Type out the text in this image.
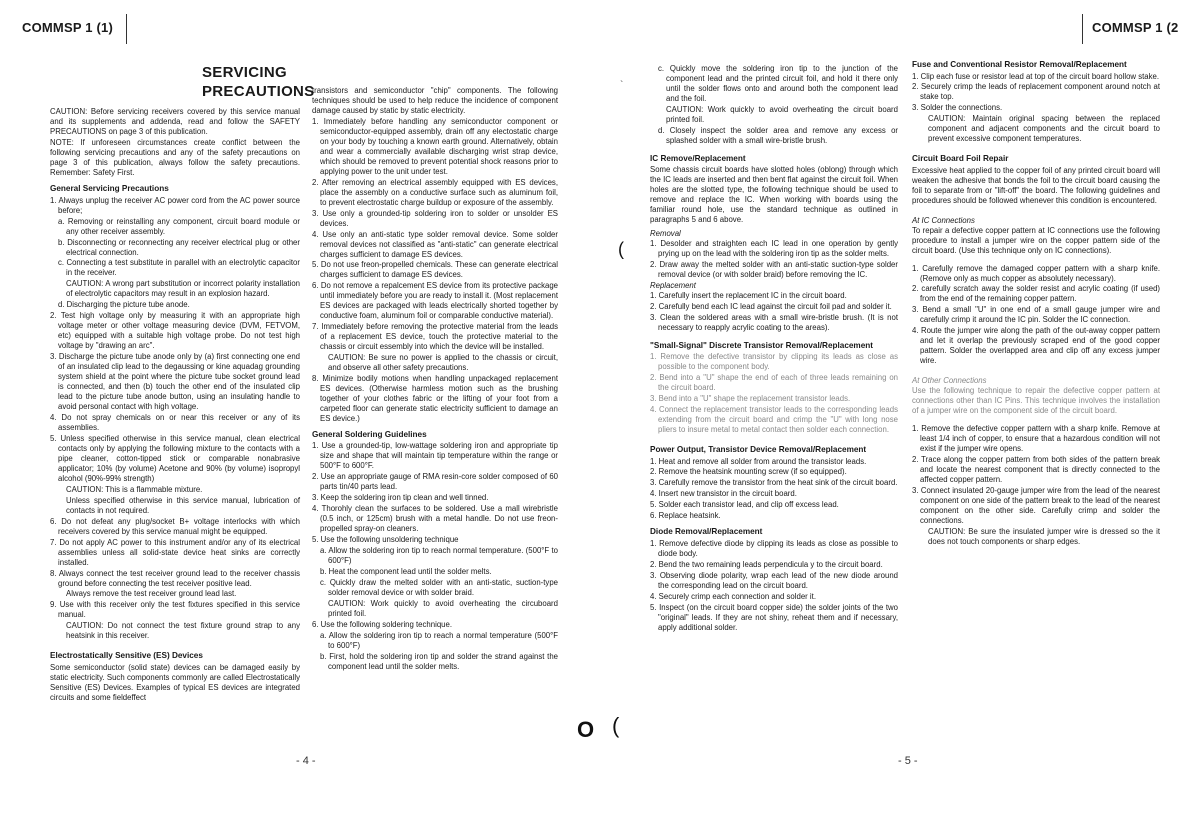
COMMSP 1 (1)	COMMSP 1 (2
SERVICING PRECAUTIONS

CAUTION: Before servicing receivers covered by this service manual and its supplements and addenda, read and follow the SAFETY PRECAUTIONS on page 3 of this publication.

NOTE: If unforeseen circumstances create conflict between the following servicing precautions and any of the safety precautions on page 3 of this publication, always follow the safety precautions. Remember: Safety First.

General Servicing Precautions

1. Always unplug the receiver AC power cord from the AC power source before;

a. Removing or reinstalling any component, circuit board module or any other receiver assembly.

b. Disconnecting or reconnecting any receiver electrical plug or other electrical connection.

c. Connecting a test substitute in parallel with an electrolytic capacitor in the receiver.

CAUTION: A wrong part substitution or incorrect polarity installation of electrolytic capacitors may result in an explosion hazard.

d. Discharging the picture tube anode.

2. Test high voltage only by measuring it with an appropriate high voltage meter or other voltage measuring device (DVM, FETVOM, etc) equipped with a suitable high voltage probe. Do not test high voltage by "drawing an arc".

3. Discharge the picture tube anode only by (a) first connecting one end of an insulated clip lead to the degaussing or kine aquadag grounding system shield at the point where the picture tube socket ground lead is connected, and then (b) touch the other end of the insulated clip lead to the picture tube anode button, using an insulating handle to avoid personal contact with high voltage.

4. Do not spray chemicals on or near this receiver or any of its assemblies.

5. Unless specified otherwise in this service manual, clean electrical contacts only by applying the following mixture to the contacts with a pipe cleaner, cotton-tipped stick or comparable nonabrasive applicator; 10% (by volume) Acetone and 90% (by volume) isopropyl alcohol (90%-99% strength)

CAUTION: This is a flammable mixture.

Unless specified otherwise in this service manual, lubrication of contacts in not required.

6. Do not defeat any plug/socket B+ voltage interlocks with which receivers covered by this service manual might be equipped.

7. Do not apply AC power to this instrument and/or any of its electrical assemblies unless all solid-state device heat sinks are correctly installed.

8. Always connect the test receiver ground lead to the receiver chassis ground before connecting the test receiver positive lead.

Always remove the test receiver ground lead last.

9. Use with this receiver only the test fixtures specified in this service manual.

CAUTION: Do not connect the test fixture ground strap to any heatsink in this receiver.

Electrostatically Sensitive (ES) Devices

Some semiconductor (solid state) devices can be damaged easily by static electricity. Such components commonly are called Electrostatically Sensitive (ES) Devices. Examples of typical ES devices are integrated circuits and some fieldeffect

transistors and semiconductor "chip" components. The following techniques should be used to help reduce the incidence of component damage caused by static by static electricity.

1. Immediately before handling any semiconductor component or semiconductor-equipped assembly, drain off any electostatic charge on your body by touching a known earth ground. Alternatively, obtain and wear a commercially available discharging wrist strap device, which should be removed to prevent potential shock reasons prior to applying power to the unit under test.

2. After removing an electrical assembly equipped with ES devices, place the assembly on a conductive surface such as aluminum foil, to prevent electrostatic charge buildup or exposure of the assembly.

3. Use only a grounded-tip soldering iron to solder or unsolder ES devices.

4. Use only an anti-static type solder removal device. Some solder removal devices not classified as "anti-static" can generate electrical charges sufficient to damage ES devices.

5. Do not use freon-propelled chemicals. These can generate electrical charges sufficient to damage ES devices.

6. Do not remove a repalcement ES device from its protective package until immediately before you are ready to install it. (Most replacement ES devices are packaged with leads electrically shorted together by conductive foam, aluminum foil or comparable conductive material).

7. Immediately before removing the protective material from the leads of a replacement ES device, touch the protective material to the chassis or circuit essembly into which the device will be installed.

CAUTION: Be sure no power is applied to the chassis or circuit, and observe all other safety precautions.

8. Minimize bodily motions when handling unpackaged replacement ES devices. (Otherwise harmless motion such as the brushing together of your clothes fabric or the lifting of your foot from a carpeted floor can generate static electricity sufficient to damage an ES device.)

General Soldering Guidelines

1. Use a grounded-tip, low-wattage soldering iron and appropriate tip size and shape that will maintain tip temperature within the range or 500°F to 600°F.

2. Use an appropriate gauge of RMA resin-core solder composed of 60 parts tin/40 parts lead.

3. Keep the soldering iron tip clean and well tinned.

4. Thorohly clean the surfaces to be soldered. Use a mall wirebristle (0.5 inch, or 125cm) brush with a metal handle. Do not use freon-propelled spray-on cleaners.

5. Use the following unsoldering technique

a. Allow the soldering iron tip to reach normal temperature. (500°F to 600°F)

b. Heat the component lead until the solder melts.

c. Quickly draw the melted solder with an anti-static, suction-type solder removal device or with solder braid.

CAUTION: Work quickly to avoid overheating the circuboard printed foil.

6. Use the following soldering technique.

a. Allow the soldering iron tip to reach a normal temperature (500°F to 600°F)

b. First, hold the soldering iron tip and solder the strand against the component lead until the solder melts.

c. Quickly move the soldering iron tip to the junction of the component lead and the printed circuit foil, and hold it there only until the solder flows onto and around both the component lead and the foil.

CAUTION: Work quickly to avoid overheating the circuit board printed foil.

d. Closely inspect the solder area and remove any excess or splashed solder with a small wire-bristle brush.

IC Remove/Replacement

Some chassis circuit boards have slotted holes (oblong) through which the IC leads are inserted and then bent flat against the circuit foil. When holes are the slotted type, the following technique should be used to remove and replace the IC. When working with boards using the familiar round hole, use the standard technique as outlined in paragraphs 5 and 6 above.

Removal

1. Desolder and straighten each IC lead in one operation by gently prying up on the lead with the soldering iron tip as the solder melts.

2. Draw away the melted solder with an anti-static suction-type solder removal device (or with solder braid) before removing the IC.

Replacement

1. Carefully insert the replacement IC in the circuit board.

2. Carefully bend each IC lead against the circuit foil pad and solder it.

3. Clean the soldered areas with a small wire-bristle brush. (It is not necessary to reapply acrylic coating to the areas).

"Small-Signal" Discrete Transistor Removal/Replacement

1. Remove the defective transistor by clipping its leads as close as possible to the component body.

2. Bend into a "U" shape the end of each of three leads remaining on the circuit board.

3. Bend into a "U" shape the replacement transistor leads.

4. Connect the replacement transistor leads to the corresponding leads extending from the circuit board and crimp the "U" with long nose pliers to insure metal to metal contact then solder each connection.

Power Output, Transistor Device Removal/Replacement

1. Heat and remove all solder from around the transistor leads.

2. Remove the heatsink mounting screw (if so equipped).

3. Carefully remove the transistor from the heat sink of the circuit board.

4. Insert new transistor in the circuit board.

5. Solder each transistor lead, and clip off excess lead.

6. Replace heatsink.

Diode Removal/Replacement

1. Remove defective diode by clipping its leads as close as possible to diode body.

2. Bend the two remaining leads perpendicula y to the circuit board.

3. Observing diode polarity, wrap each lead of the new diode around the corresponding lead on the circuit board.

4. Securely crimp each connection and solder it.

5. Inspect (on the circuit board copper side) the solder joints of the two "original" leads. If they are not shiny, reheat them and if necessary, apply additional solder.

Fuse and Conventional Resistor Removal/Replacement

1. Clip each fuse or resistor lead at top of the circuit board hollow stake.

2. Securely crimp the leads of replacement component around notch at stake top.

3. Solder the connections.

CAUTION: Maintain original spacing between the replaced component and adjacent components and the circuit board to prevent excessive component temperatures.

Circuit Board Foil Repair

Excessive heat applied to the copper foil of any printed circuit board will weaken the adhesive that bonds the foil to the circuit board causing the foil to separate from or "lift-off" the board. The following guidelines and procedures should be followed whenever this condition is encountered.

At IC Connections

To repair a defective copper pattern at IC connections use the following procedure to install a jumper wire on the copper pattern side of the circuit board. (Use this technique only on IC connections).

1. Carefully remove the damaged copper pattern with a sharp knife. (Remove only as much copper as absolutely necessary).

2. carefully scratch away the solder resist and acrylic coating (if used) from the end of the remaining copper pattern.

3. Bend a small "U" in one end of a small gauge jumper wire and carefully crimp it around the IC pin. Solder the IC connection.

4. Route the jumper wire along the path of the out-away copper pattern and let it overlap the previously scraped end of the good copper pattern. Solder the overlapped area and clip off any excess jumper wire.

At Other Connections

Use the following technique to repair the defective copper pattern at connections other than IC Pins. This technique involves the installation of a jumper wire on the component side of the circuit board.

1. Remove the defective copper pattern with a sharp knife. Remove at least 1/4 inch of copper, to ensure that a hazardous condition will not exist if the jumper wire opens.

2. Trace along the copper pattern from both sides of the pattern break and locate the nearest component that is directly connected to the affected copper pattern.

3. Connect insulated 20-gauge jumper wire from the lead of the nearest component on one side of the pattern break to the lead of the nearest component on the other side. Carefully crimp and solder the connections.

CAUTION: Be sure the insulated jumper wire is dressed so the it does not touch components or sharp edges.

- 4 -	- 5 -
O (
(
`
